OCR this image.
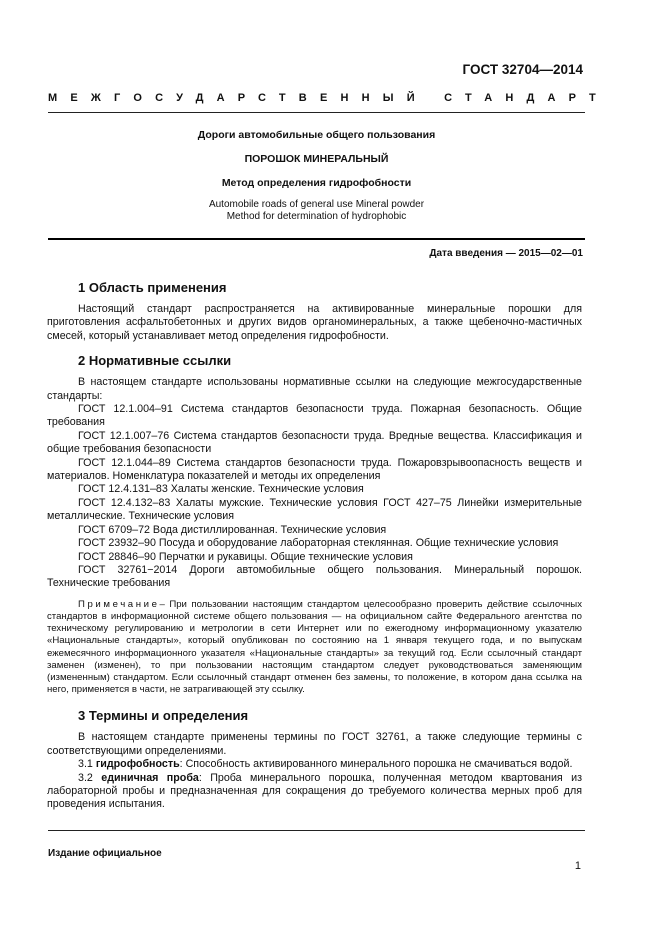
ГОСТ 32704—2014
МЕЖГОСУДАРСТВЕННЫЙ СТАНДАРТ
Дороги автомобильные общего пользования
ПОРОШОК МИНЕРАЛЬНЫЙ
Метод определения гидрофобности
Automobile roads of general use Mineral powder
Method for determination of hydrophobic
Дата введения — 2015—02—01
1 Область применения

Настоящий стандарт распространяется на активированные минеральные порошки для приготовления асфальтобетонных и других видов органоминеральных, а также щебеночно-мастичных смесей, который устанавливает метод определения гидрофобности.

2 Нормативные ссылки

В настоящем стандарте использованы нормативные ссылки на следующие межгосударственные стандарты:

ГОСТ 12.1.004–91 Система стандартов безопасности труда. Пожарная безопасность. Общие требования

ГОСТ 12.1.007–76 Система стандартов безопасности труда. Вредные вещества. Классификация и общие требования безопасности

ГОСТ 12.1.044–89 Система стандартов безопасности труда. Пожаровзрывоопасность веществ и материалов. Номенклатура показателей и методы их определения

ГОСТ 12.4.131–83 Халаты женские. Технические условия

ГОСТ 12.4.132–83 Халаты мужские. Технические условия ГОСТ 427–75 Линейки измерительные металлические. Технические условия

ГОСТ 6709–72 Вода дистиллированная. Технические условия

ГОСТ 23932–90 Посуда и оборудование лабораторная стеклянная. Общие технические условия

ГОСТ 28846–90 Перчатки и рукавицы. Общие технические условия

ГОСТ 32761−2014 Дороги автомобильные общего пользования. Минеральный порошок. Технические требования

Примечание– При пользовании настоящим стандартом целесообразно проверить действие ссылочных стандартов в информационной системе общего пользования — на официальном сайте Федерального агентства по техническому регулированию и метрологии в сети Интернет или по ежегодному информационному указателю «Национальные стандарты», который опубликован по состоянию на 1 января текущего года, и по выпускам ежемесячного информационного указателя «Национальные стандарты» за текущий год. Если ссылочный стандарт заменен (изменен), то при пользовании настоящим стандартом следует руководствоваться заменяющим (измененным) стандартом. Если ссылочный стандарт отменен без замены, то положение, в котором дана ссылка на него, применяется в части, не затрагивающей эту ссылку.

3 Термины и определения

В настоящем стандарте применены термины по ГОСТ 32761, а также следующие термины с соответствующими определениями.

3.1 гидрофобность: Способность активированного минерального порошка не смачиваться водой.

3.2 единичная проба: Проба минерального порошка, полученная методом квартования из лабораторной пробы и предназначенная для сокращения до требуемого количества мерных проб для проведения испытания.

Издание официальное
1
